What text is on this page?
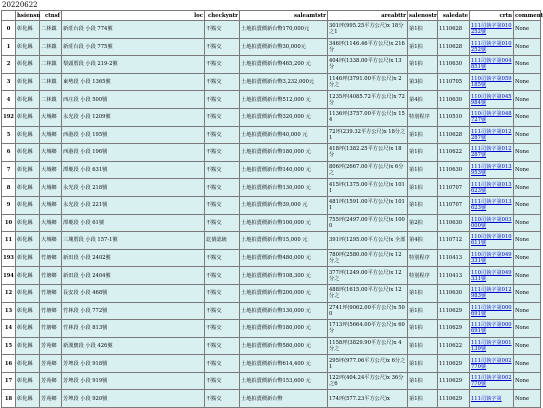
20220622
	hsiensn	ctnsf	loc	checkyntr	saleamtstr	areabttr	salenostr	saledate	crtn	comment
0	彰化縣	二林鎮	新莊台段 小段 774號	不點交	土地拍賣價新台幣170,000元	301坪(995.25平方公尺)x 18分之1	第1拍	1110628	111司執字第010252號	None
1	彰化縣	二林鎮	新莊台段 小段 775號	不點交	土地拍賣價新台幣30,000元	346坪(1146.46平方公尺)x 216分	第1拍	1110628	111司執字第010252號	None
2	彰化縣	二林鎮	梨頭厝段 小段 219-2號	不點交	土地拍賣價新台幣465,200 元	404坪(1338.00平方公尺)x 13分	第1拍	1110630	111司執字第004851號	None
3	彰化縣	二林鎮	東勢段 小段 1365號	不點交	土地拍賣價新台幣3,232,000元	1146坪(3791.00平方公尺)x 2分之	第3拍	1110705	110司執字第059185號	None
4	彰化縣	二林鎮	西庄段 小段 500號	不點交	土地拍賣價新台幣512,000 元	1235坪(4085.72平方公尺)x 72分	第4拍	1110630	110司執字第045984號	None
192	彰化縣	大城鄉	永光段 小段 1209號	不點交	土地拍賣價新台幣320,000 元	1136坪(3757.00平方公尺)x 154	特別程序	1110510	110司執字第048727號	None
5	彰化縣	大城鄉	西港段 小段 195號	不點交	土地拍賣價新台幣40,000 元	72坪(239.32平方公尺)x 18分之1	第1拍	1110628	111司執字第012287號	None
6	彰化縣	大城鄉	西港段 小段 196號	不點交	土地拍賣價新台幣180,000 元	418坪(1382.25平方公尺)x 18分	第1拍	1110622	111司執字第012287號	None
7	彰化縣	大城鄉	潭墘段 小段 631號	不點交	土地拍賣價新台幣140,000 元	806坪(2667.00平方公尺)x 6分之	第1拍	1110630	111司執字第013953號	None
8	彰化縣	大城鄉	永光段 小段 218號	不點交	土地拍賣價新台幣130,000 元	415坪(1375.00平方公尺)x 1011	第1拍	1110707	111司執字第013623號	None
9	彰化縣	大城鄉	永光段 小段 221號	不點交	土地拍賣價新台幣39,000 元	481坪(1591.00平方公尺)x 1011	第1拍	1110707	111司執字第013623號	None
10	彰化縣	大城鄉	潭墘段 小段 61號	不點交	土地拍賣價新台幣100,000 元	755坪(2497.00平方公尺)x 1000	第2拍	1110630	110司執字第003000號	None
11	彰化縣	大城鄉	三塊厝段 小段 157-1號	訖債認統	土地拍賣價新台幣15,000 元	391坪(1295.00平方公尺)x 全部	第4拍	1110712	110司執字第010611號	None
193	彰化縣	竹塘鄉	新田段 小段 2402號	不點交	土地拍賣價新台幣480,000 元	780坪(2580.00平方公尺)x 12分之	特別程序	1110413	110司執字第049331號	None
194	彰化縣	竹塘鄉	新田段 小段 2404號	不點交	土地拍賣價新台幣108,300 元	377坪(1249.00平方公尺)x 12分之	特別程序	1110413	110司執字第049331號	None
12	彰化縣	竹塘鄉	長安段 小段 468號	不點交	土地拍賣價新台幣200,000 元	488坪(1615.00平方公尺)x 12分之	第1拍	1110630	111司執字第012983號	None
13	彰化縣	竹塘鄉	竹林段 小段 772號	不點交	土地拍賣價新台幣130,000 元	2741坪(9062.00平方公尺)x 500	第1拍	1110629	111司執字第000691號	None
14	彰化縣	竹塘鄉	竹林段 小段 813號	不點交	土地拍賣價新台幣180,000 元	1713坪(5664.00平方公尺)x 60分	第1拍	1110629	111司執字第000691號	None
15	彰化縣	芳苑鄉	新漢寶段 小段 426號	不點交	土地拍賣價新台幣580,000 元	1158坪(3829.90平方公尺)x 4分之	第1拍	1110622	111司執字第001139號	None
16	彰化縣	芳苑鄉	芳埤段 小段 918號	不點交	土地拍賣價新台幣614,400 元	295坪(977.06平方公尺)x 6分之1	第1拍	1110629	111司執字第002770號	None
17	彰化縣	芳苑鄉	芳埤段 小段 919號	不點交	土地拍賣價新台幣153,600 元	122坪(404.24平方公尺)x 36分之6	第1拍	1110629	111司執字第002770號	None
18	彰化縣	芳苑鄉	芳埤段 小段 920號	不點交	土地拍賣價新台幣	174坪(577.23平方公尺)x	第1拍	1110629	111司執字第	None
